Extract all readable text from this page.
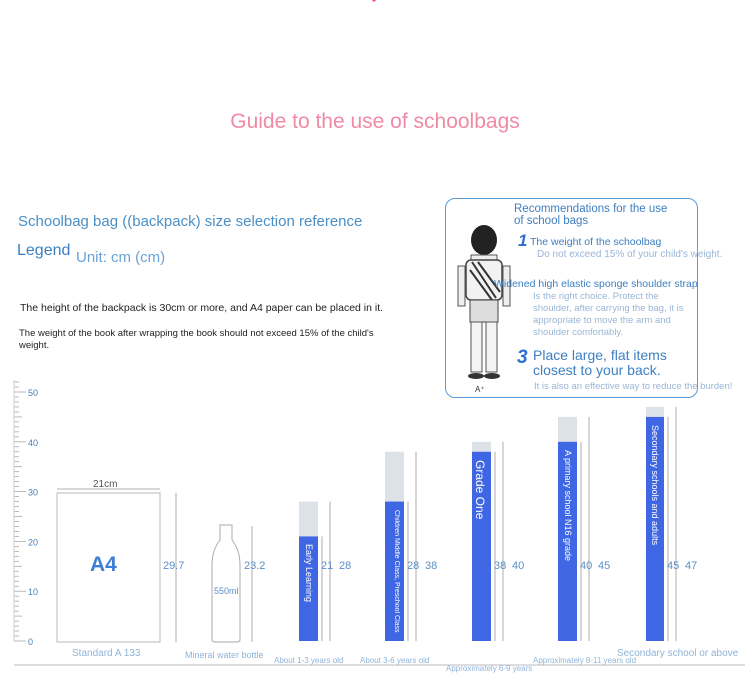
Guide to the use of schoolbags
Schoolbag bag ((backpack) size selection reference
Legend Unit: cm (cm)
The height of the backpack is 30cm or more, and A4 paper can be placed in it.
The weight of the book after wrapping the book should not exceed 15% of the child's weight.
Recommendations for the use of school bags
A⁺
1 The weight of the schoolbag
Do not exceed 15% of your child's weight.
Widened high elastic sponge shoulder strap
Is the right choice. Protect the shoulder, after carrying the bag, it is appropriate to move the arm and shoulder comfortably.
3 Place large, flat items closest to your back.
It is also an effective way to reduce the burden!
50
40
30
20
10
0
21cm
A4	29.7
Standard A 133
550ml
23.2
Mineral water bottle
21 28
About 1-3 years old
Early Learning	28 38
About 3-6 years old
Children Middle Class, Preschool Class	38 40
Approximately 6-9 years
Grade One
40 45
Approximately 8-11 years old
A primary school N16 grade
45 47
Secondary school or above
Secondary schools and adults
